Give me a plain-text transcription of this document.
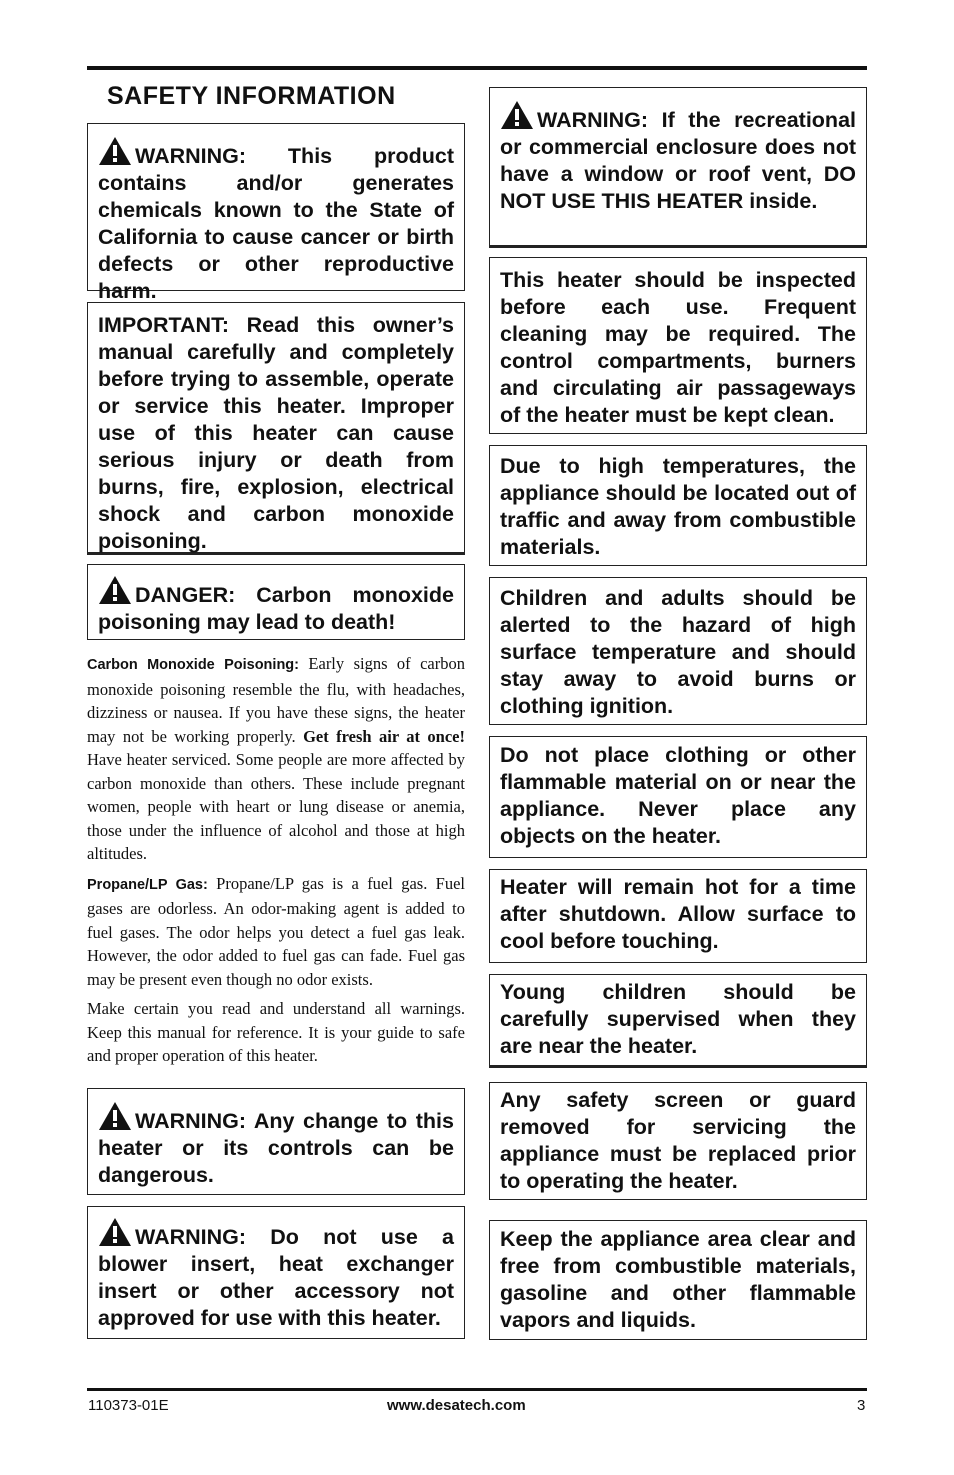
SAFETY INFORMATION
WARNING: This product contains and/or generates chemicals known to the State of California to cause cancer or birth defects or other reproductive harm.
IMPORTANT: Read this owner’s manual carefully and completely before trying to assemble, operate or service this heater. Improper use of this heater can cause serious injury or death from burns, fire, explosion, electrical shock and carbon monoxide poisoning.
DANGER: Carbon monoxide poisoning may lead to death!

Carbon Monoxide Poisoning: Early signs of carbon monoxide poisoning resemble the flu, with headaches, dizziness or nausea. If you have these signs, the heater may not be working properly. Get fresh air at once! Have heater serviced. Some people are more affected by carbon monoxide than others. These include pregnant women, people with heart or lung disease or anemia, those under the influence of alcohol and those at high altitudes.

Propane/LP Gas: Propane/LP gas is a fuel gas. Fuel gases are odorless. An odor-making agent is added to fuel gases. The odor helps you detect a fuel gas leak. However, the odor added to fuel gas can fade. Fuel gas may be present even though no odor exists.

Make certain you read and understand all warnings. Keep this manual for reference. It is your guide to safe and proper operation of this heater.

WARNING: Any change to this heater or its controls can be dangerous.
WARNING: Do not use a blower insert, heat exchanger insert or other accessory not approved for use with this heater.
WARNING: If the recreational or commercial enclosure does not have a window or roof vent, DO NOT USE THIS HEATER inside.
This heater should be inspected before each use. Frequent cleaning may be required. The control compartments, burners and circulating air passageways of the heater must be kept clean.
Due to high temperatures, the appliance should be located out of traffic and away from combustible materials.
Children and adults should be alerted to the hazard of high surface temperature and should stay away to avoid burns or clothing ignition.
Do not place clothing or other flammable material on or near the appliance. Never place any objects on the heater.
Heater will remain hot for a time after shutdown. Allow surface to cool before touching.
Young children should be carefully supervised when they are near the heater.
Any safety screen or guard removed for servicing the appliance must be replaced prior to operating the heater.
Keep the appliance area clear and free from combustible materials, gasoline and other flammable vapors and liquids.
110373-01E	www.desatech.com	3
